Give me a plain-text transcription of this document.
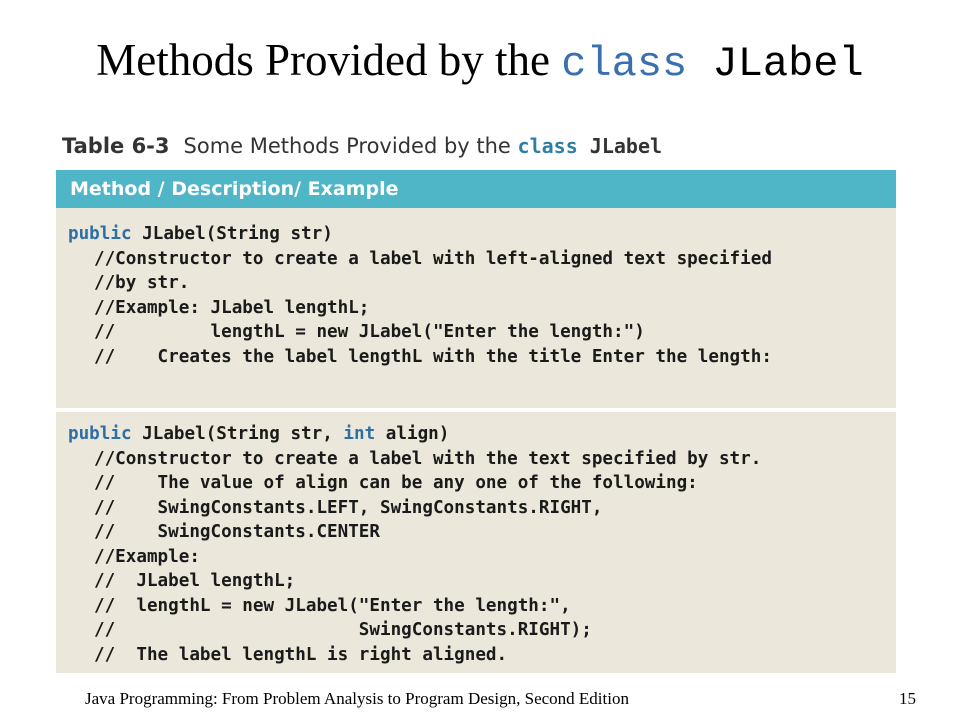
Methods Provided by the class JLabel
Table 6-3 Some Methods Provided by the class JLabel
Method / Description/ Example
public JLabel(String str)
//Constructor to create a label with left-aligned text specified
//by str.
//Example: JLabel lengthL;
//         lengthL = new JLabel("Enter the length:")
//    Creates the label lengthL with the title Enter the length:
public JLabel(String str, int align)
//Constructor to create a label with the text specified by str.
//    The value of align can be any one of the following:
//    SwingConstants.LEFT, SwingConstants.RIGHT,
//    SwingConstants.CENTER
//Example:
//  JLabel lengthL;
//  lengthL = new JLabel("Enter the length:",
//                       SwingConstants.RIGHT);
//  The label lengthL is right aligned.
Java Programming: From Problem Analysis to Program Design, Second Edition	15
